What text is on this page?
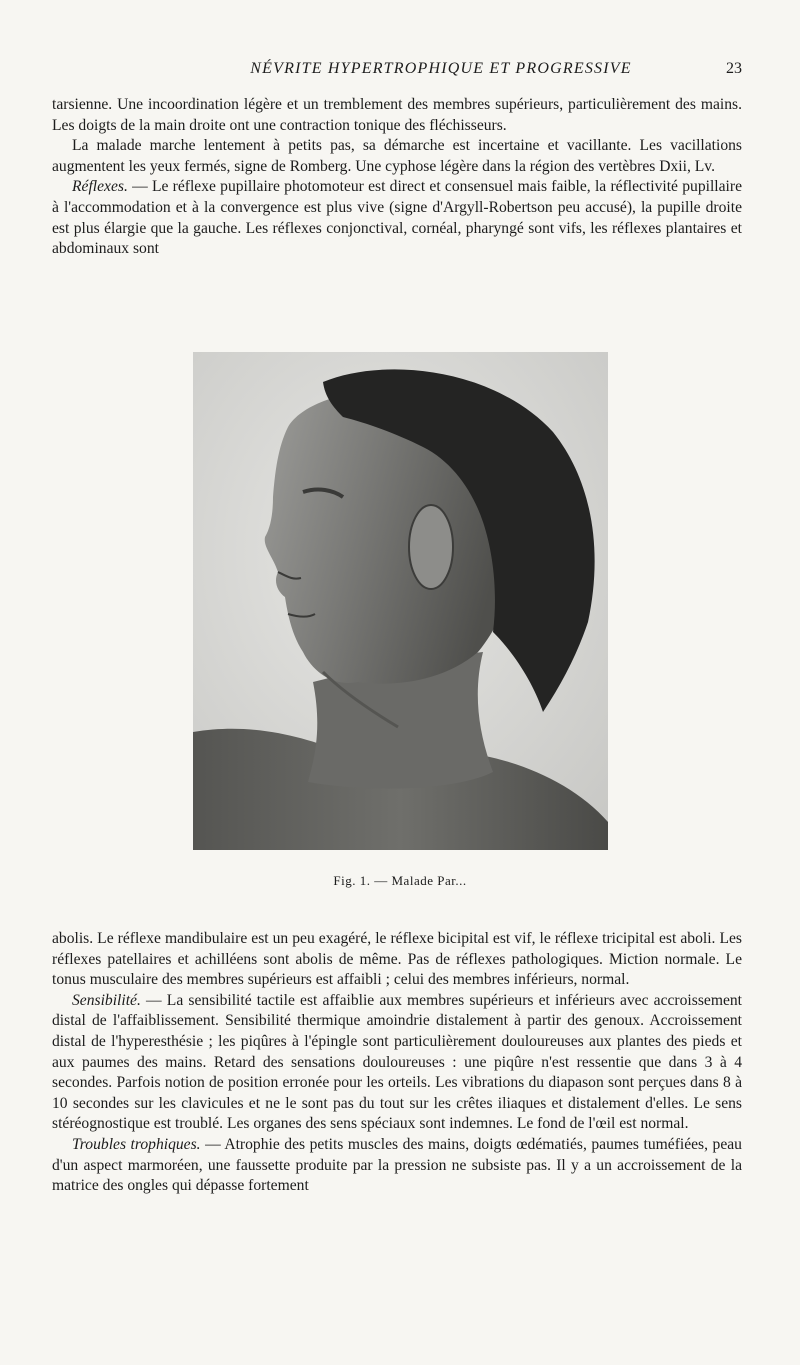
NÉVRITE HYPERTROPHIQUE ET PROGRESSIVE	23

tarsienne. Une incoordination légère et un tremblement des membres supérieurs, particulièrement des mains. Les doigts de la main droite ont une contraction tonique des fléchisseurs.

La malade marche lentement à petits pas, sa démarche est incertaine et vacillante. Les vacillations augmentent les yeux fermés, signe de Romberg. Une cyphose légère dans la région des vertèbres Dxii, Lv.

Réflexes. — Le réflexe pupillaire photomoteur est direct et consensuel mais faible, la réflectivité pupillaire à l'accommodation et à la convergence est plus vive (signe d'Argyll-Robertson peu accusé), la pupille droite est plus élargie que la gauche. Les réflexes conjonctival, cornéal, pharyngé sont vifs, les réflexes plantaires et abdominaux sont

Fig. 1. — Malade Par...

abolis. Le réflexe mandibulaire est un peu exagéré, le réflexe bicipital est vif, le réflexe tricipital est aboli. Les réflexes patellaires et achilléens sont abolis de même. Pas de réflexes pathologiques. Miction normale. Le tonus musculaire des membres supérieurs est affaibli ; celui des membres inférieurs, normal.

Sensibilité. — La sensibilité tactile est affaiblie aux membres supérieurs et inférieurs avec accroissement distal de l'affaiblissement. Sensibilité thermique amoindrie distalement à partir des genoux. Accroissement distal de l'hyperesthésie ; les piqûres à l'épingle sont particulièrement douloureuses aux plantes des pieds et aux paumes des mains. Retard des sensations douloureuses : une piqûre n'est ressentie que dans 3 à 4 secondes. Parfois notion de position erronée pour les orteils. Les vibrations du diapason sont perçues dans 8 à 10 secondes sur les clavicules et ne le sont pas du tout sur les crêtes iliaques et distalement d'elles. Le sens stéréognostique est troublé. Les organes des sens spéciaux sont indemnes. Le fond de l'œil est normal.

Troubles trophiques. — Atrophie des petits muscles des mains, doigts œdématiés, paumes tuméfiées, peau d'un aspect marmoréen, une faussette produite par la pression ne subsiste pas. Il y a un accroissement de la matrice des ongles qui dépasse fortement
